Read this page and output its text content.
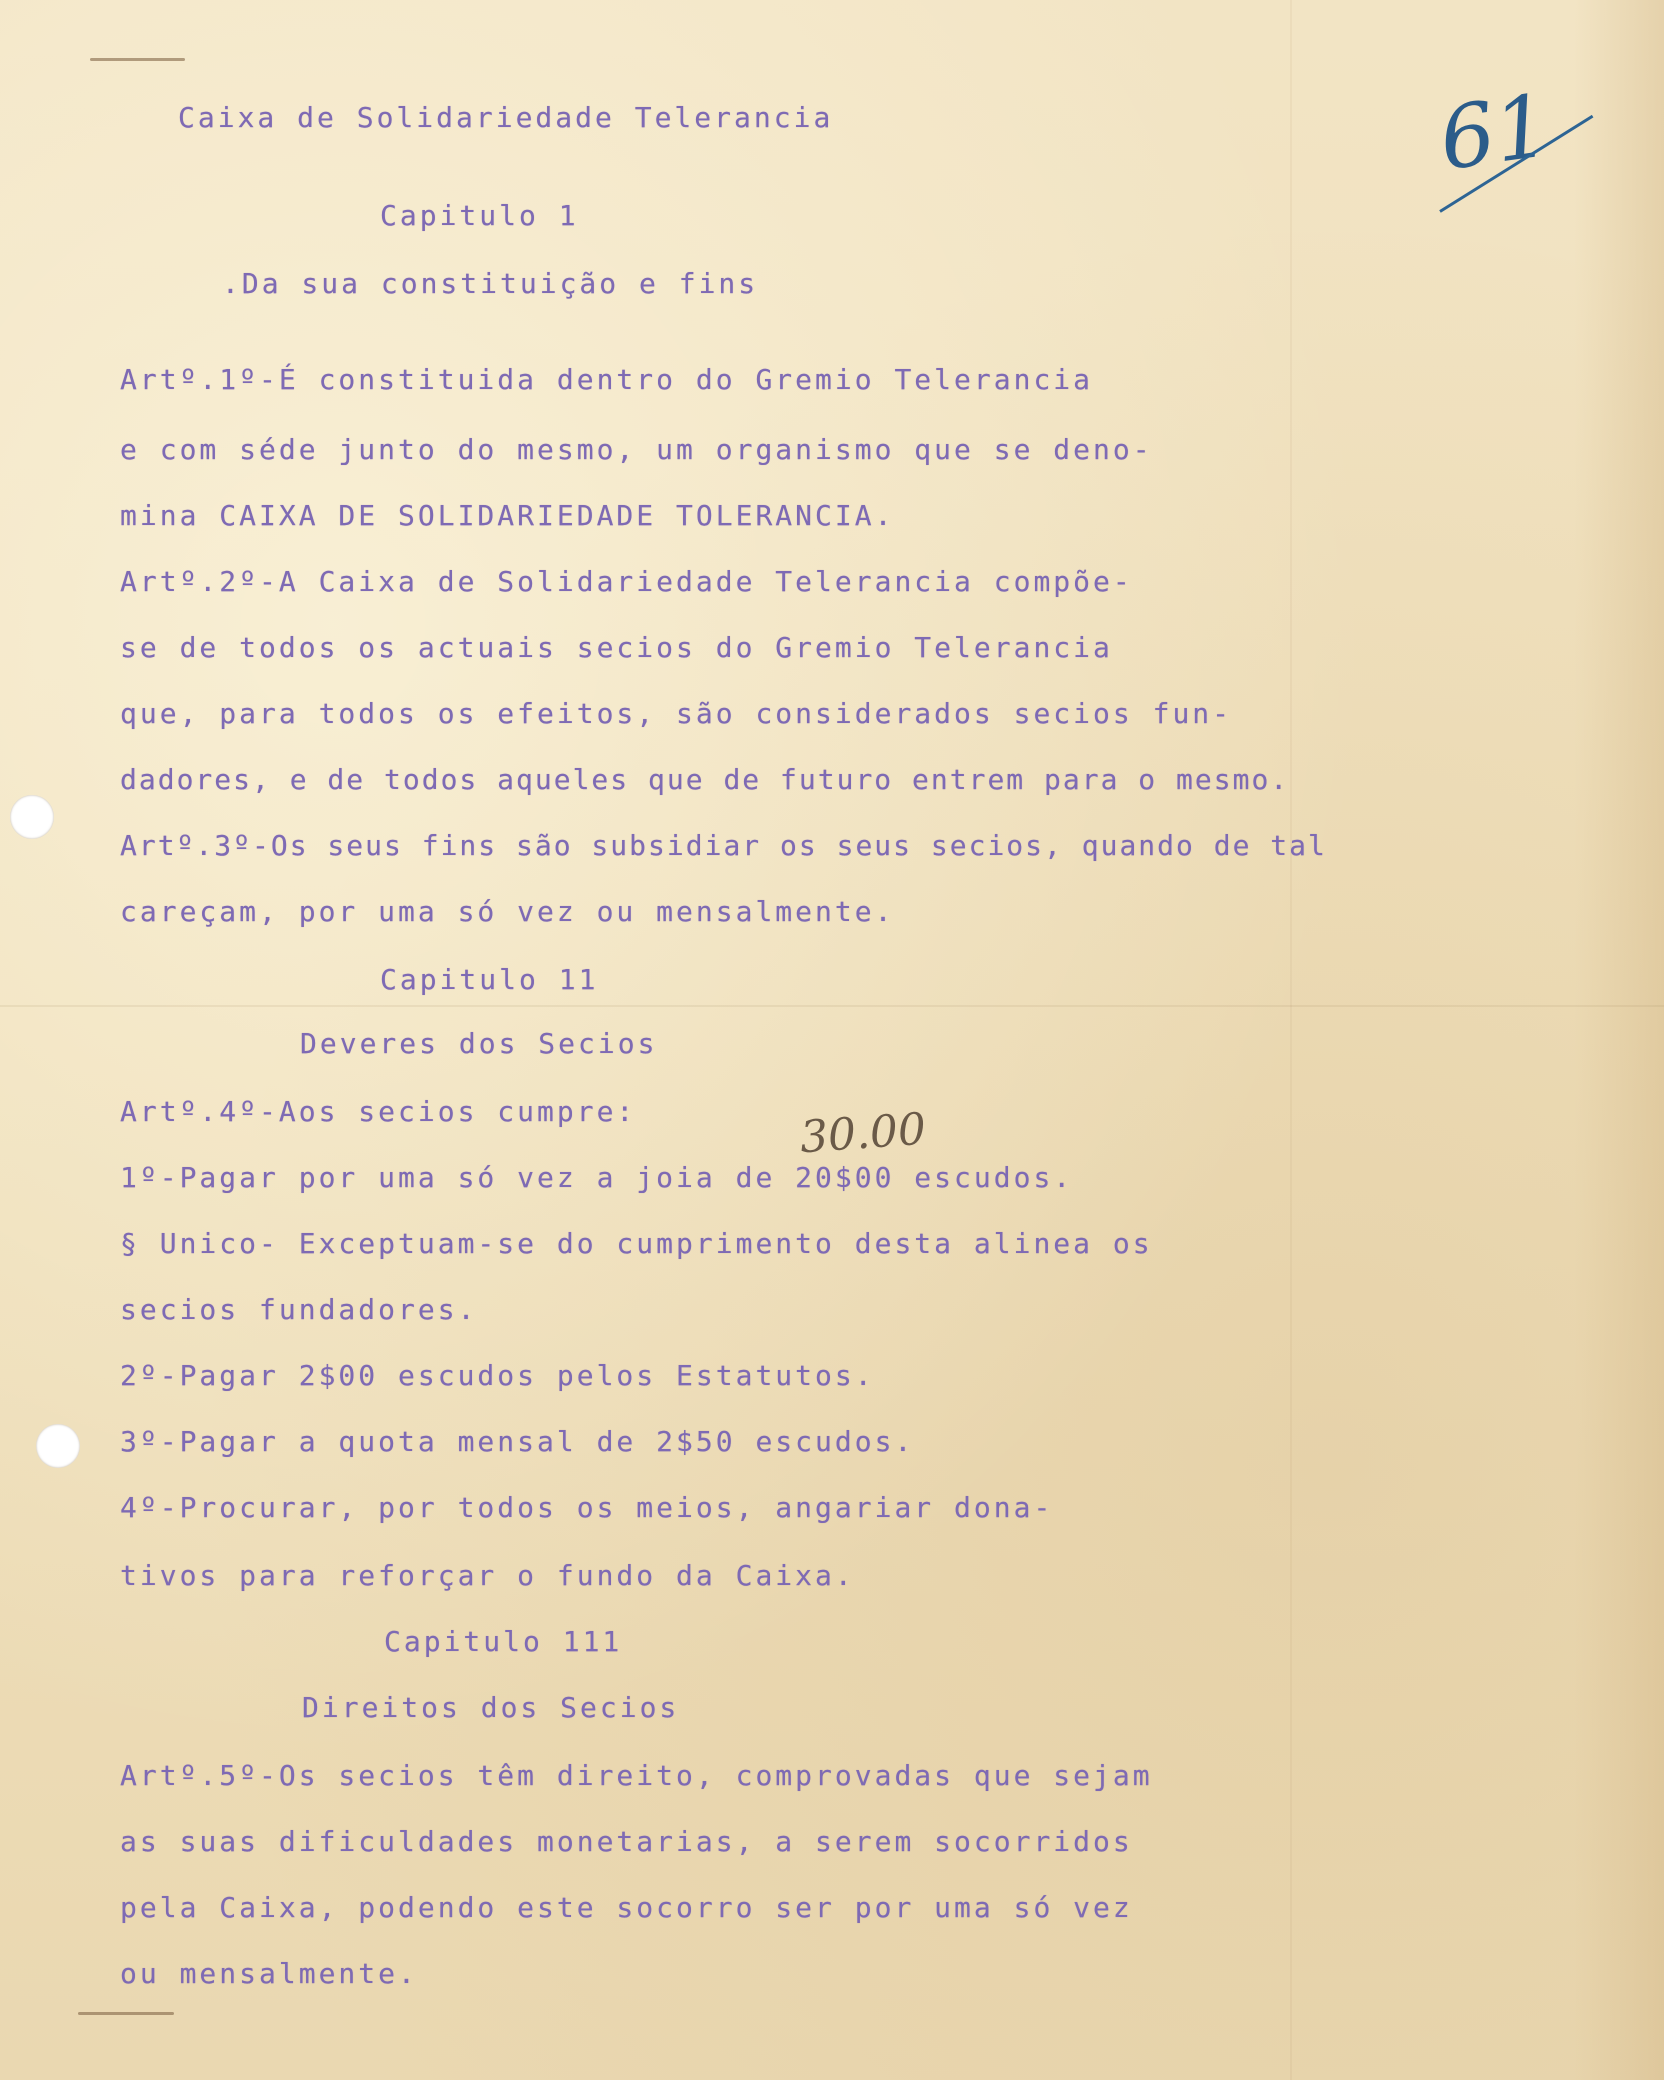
61
30.00

Caixa de Solidariedade Telerancia

Capitulo 1

.Da sua constituição e fins

Artº.1º-É constituida dentro do Gremio Telerancia

e com séde junto do mesmo, um organismo que se deno-

mina CAIXA DE SOLIDARIEDADE TOLERANCIA.

Artº.2º-A Caixa de Solidariedade Telerancia compõe-

se de todos os actuais secios do Gremio Telerancia

que, para todos os efeitos, são considerados secios fun-

dadores, e de todos aqueles que de futuro entrem para o mesmo.

Artº.3º-Os seus fins são subsidiar os seus secios, quando de tal

careçam, por uma só vez ou mensalmente.

Capitulo 11

Deveres dos Secios

Artº.4º-Aos secios cumpre:

1º-Pagar por uma só vez a joia de 20$00 escudos.

§ Unico- Exceptuam-se do cumprimento desta alinea os

secios fundadores.

2º-Pagar 2$00 escudos pelos Estatutos.

3º-Pagar a quota mensal de 2$50 escudos.

4º-Procurar, por todos os meios, angariar dona-

tivos para reforçar o fundo da Caixa.

Capitulo 111

Direitos dos Secios

Artº.5º-Os secios têm direito, comprovadas que sejam

as suas dificuldades monetarias, a serem socorridos

pela Caixa, podendo este socorro ser por uma só vez

ou mensalmente.
